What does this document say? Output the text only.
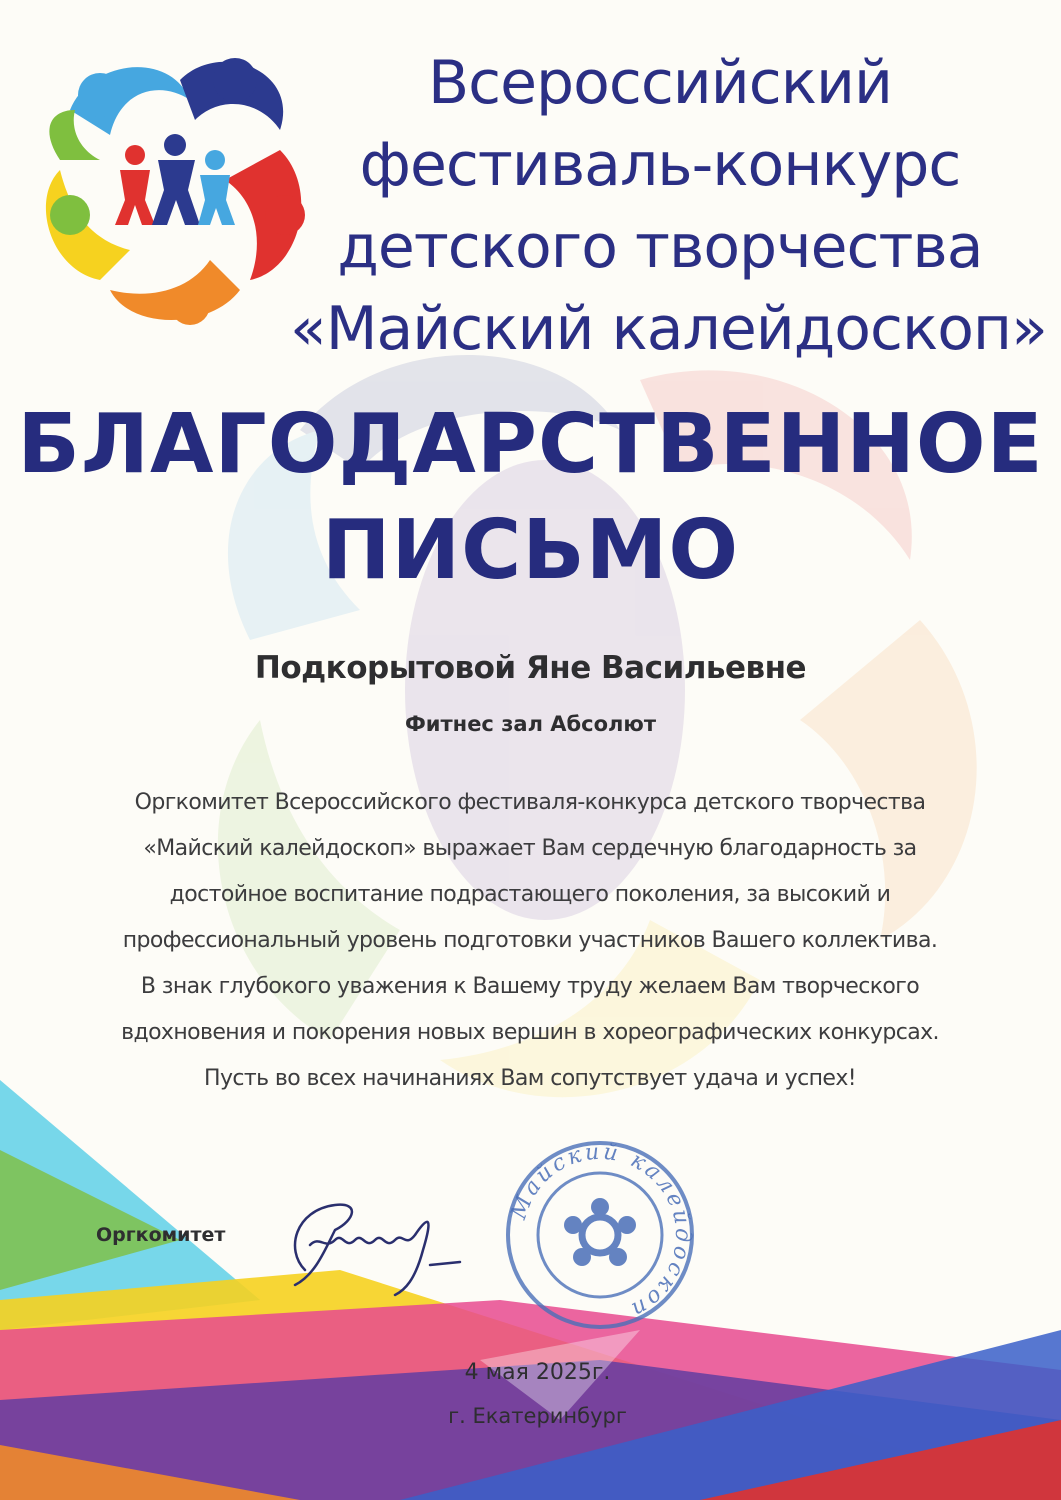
Всероссийский
фестиваль-конкурс
детского творчества
«Майский калейдоскоп»
БЛАГОДАРСТВЕННОЕ
ПИСЬМО
Подкорытовой Яне Васильевне
Фитнес зал Абсолют
Оргкомитет Всероссийского фестиваля-конкурса детского творчества
«Майский калейдоскоп» выражает Вам сердечную благодарность за
достойное воспитание подрастающего поколения, за высокий и
профессиональный уровень подготовки участников Вашего коллектива.
В знак глубокого уважения к Вашему труду желаем Вам творческого
вдохновения и покорения новых вершин в хореографических конкурсах.
Пусть во всех начинаниях Вам сопутствует удача и успех!
Оргкомитет
Майский калейдоскоп
4 мая 2025г.
г. Екатеринбург
